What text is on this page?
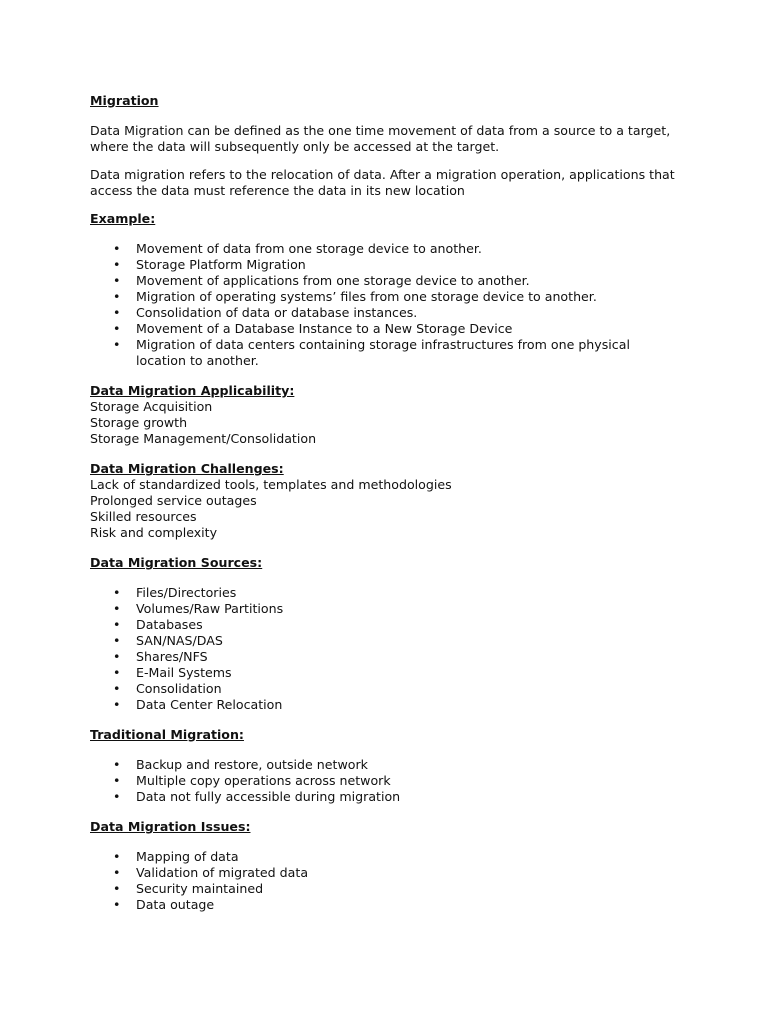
Migration

Data Migration can be defined as the one time movement of data from a source to a target,

where the data will subsequently only be accessed at the target.

Data migration refers to the relocation of data. After a migration operation, applications that

access the data must reference the data in its new location

Example:
• Movement of data from one storage device to another.
• Storage Platform Migration
• Movement of applications from one storage device to another.
• Migration of operating systems’ files from one storage device to another.
• Consolidation of data or database instances.
• Movement of a Database Instance to a New Storage Device
• Migration of data centers containing storage infrastructures from one physical
location to another.
Data Migration Applicability:
Storage Acquisition
Storage growth
Storage Management/Consolidation
Data Migration Challenges:
Lack of standardized tools, templates and methodologies
Prolonged service outages
Skilled resources
Risk and complexity
Data Migration Sources:
• Files/Directories
• Volumes/Raw Partitions
• Databases
• SAN/NAS/DAS
• Shares/NFS
• E-Mail Systems
• Consolidation
• Data Center Relocation
Traditional Migration:
• Backup and restore, outside network
• Multiple copy operations across network
• Data not fully accessible during migration
Data Migration Issues:
• Mapping of data
• Validation of migrated data
• Security maintained
• Data outage
